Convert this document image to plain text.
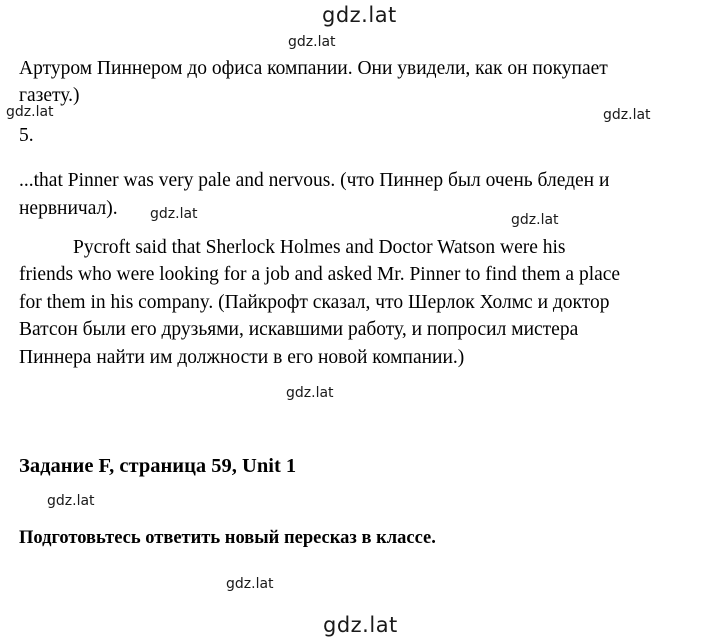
gdz.lat
gdz.lat
Артуром Пиннером до офиса компании. Они увидели, как он покупает
газету.)
gdz.lat	gdz.lat
5.
...that Pinner was very pale and nervous. (что Пиннер был очень бледен и
нервничал). gdz.lat	gdz.lat
Pycroft said that Sherlock Holmes and Doctor Watson were his
friends who were looking for a job and asked Mr. Pinner to find them a place
for them in his company. (Пайкрофт сказал, что Шерлок Холмс и доктор
Ватсон были его друзьями, искавшими работу, и попросил мистера
Пиннера найти им должности в его новой компании.)
gdz.lat
Задание F, страница 59, Unit 1
gdz.lat
Подготовьтесь ответить новый пересказ в классе.
gdz.lat
gdz.lat
